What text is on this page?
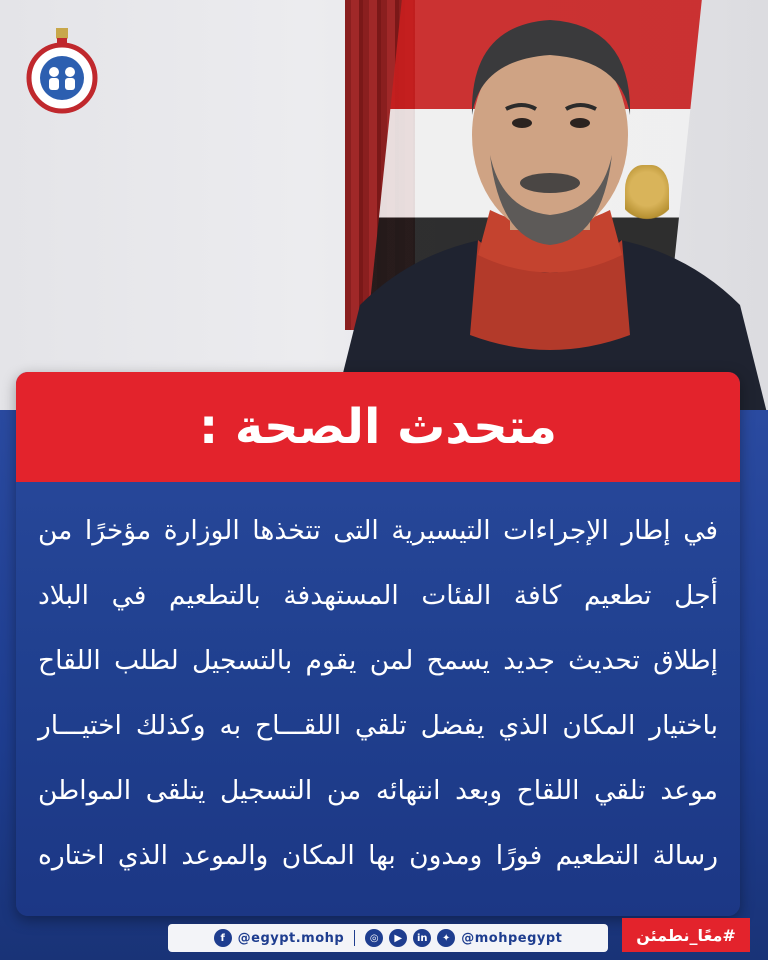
متحدث الصحة :
في إطار الإجراءات التيسيرية التى تتخذها الوزارة مؤخرًا من
أجل تطعيم كافة الفئات المستهدفة بالتطعيم في البلاد
إطلاق تحديث جديد يسمح لمن يقوم بالتسجيل لطلب اللقاح
باختيار المكان الذي يفضل تلقي اللقـــاح به وكذلك اختيـــار
موعد تلقي اللقاح وبعد انتهائه من التسجيل يتلقى المواطن
رسالة التطعيم فورًا ومدون بها المكان والموعد الذي اختاره
f @egypt.mohp	◎	▶	in	✦ @mohpegypt	#معًا_نطمئن
